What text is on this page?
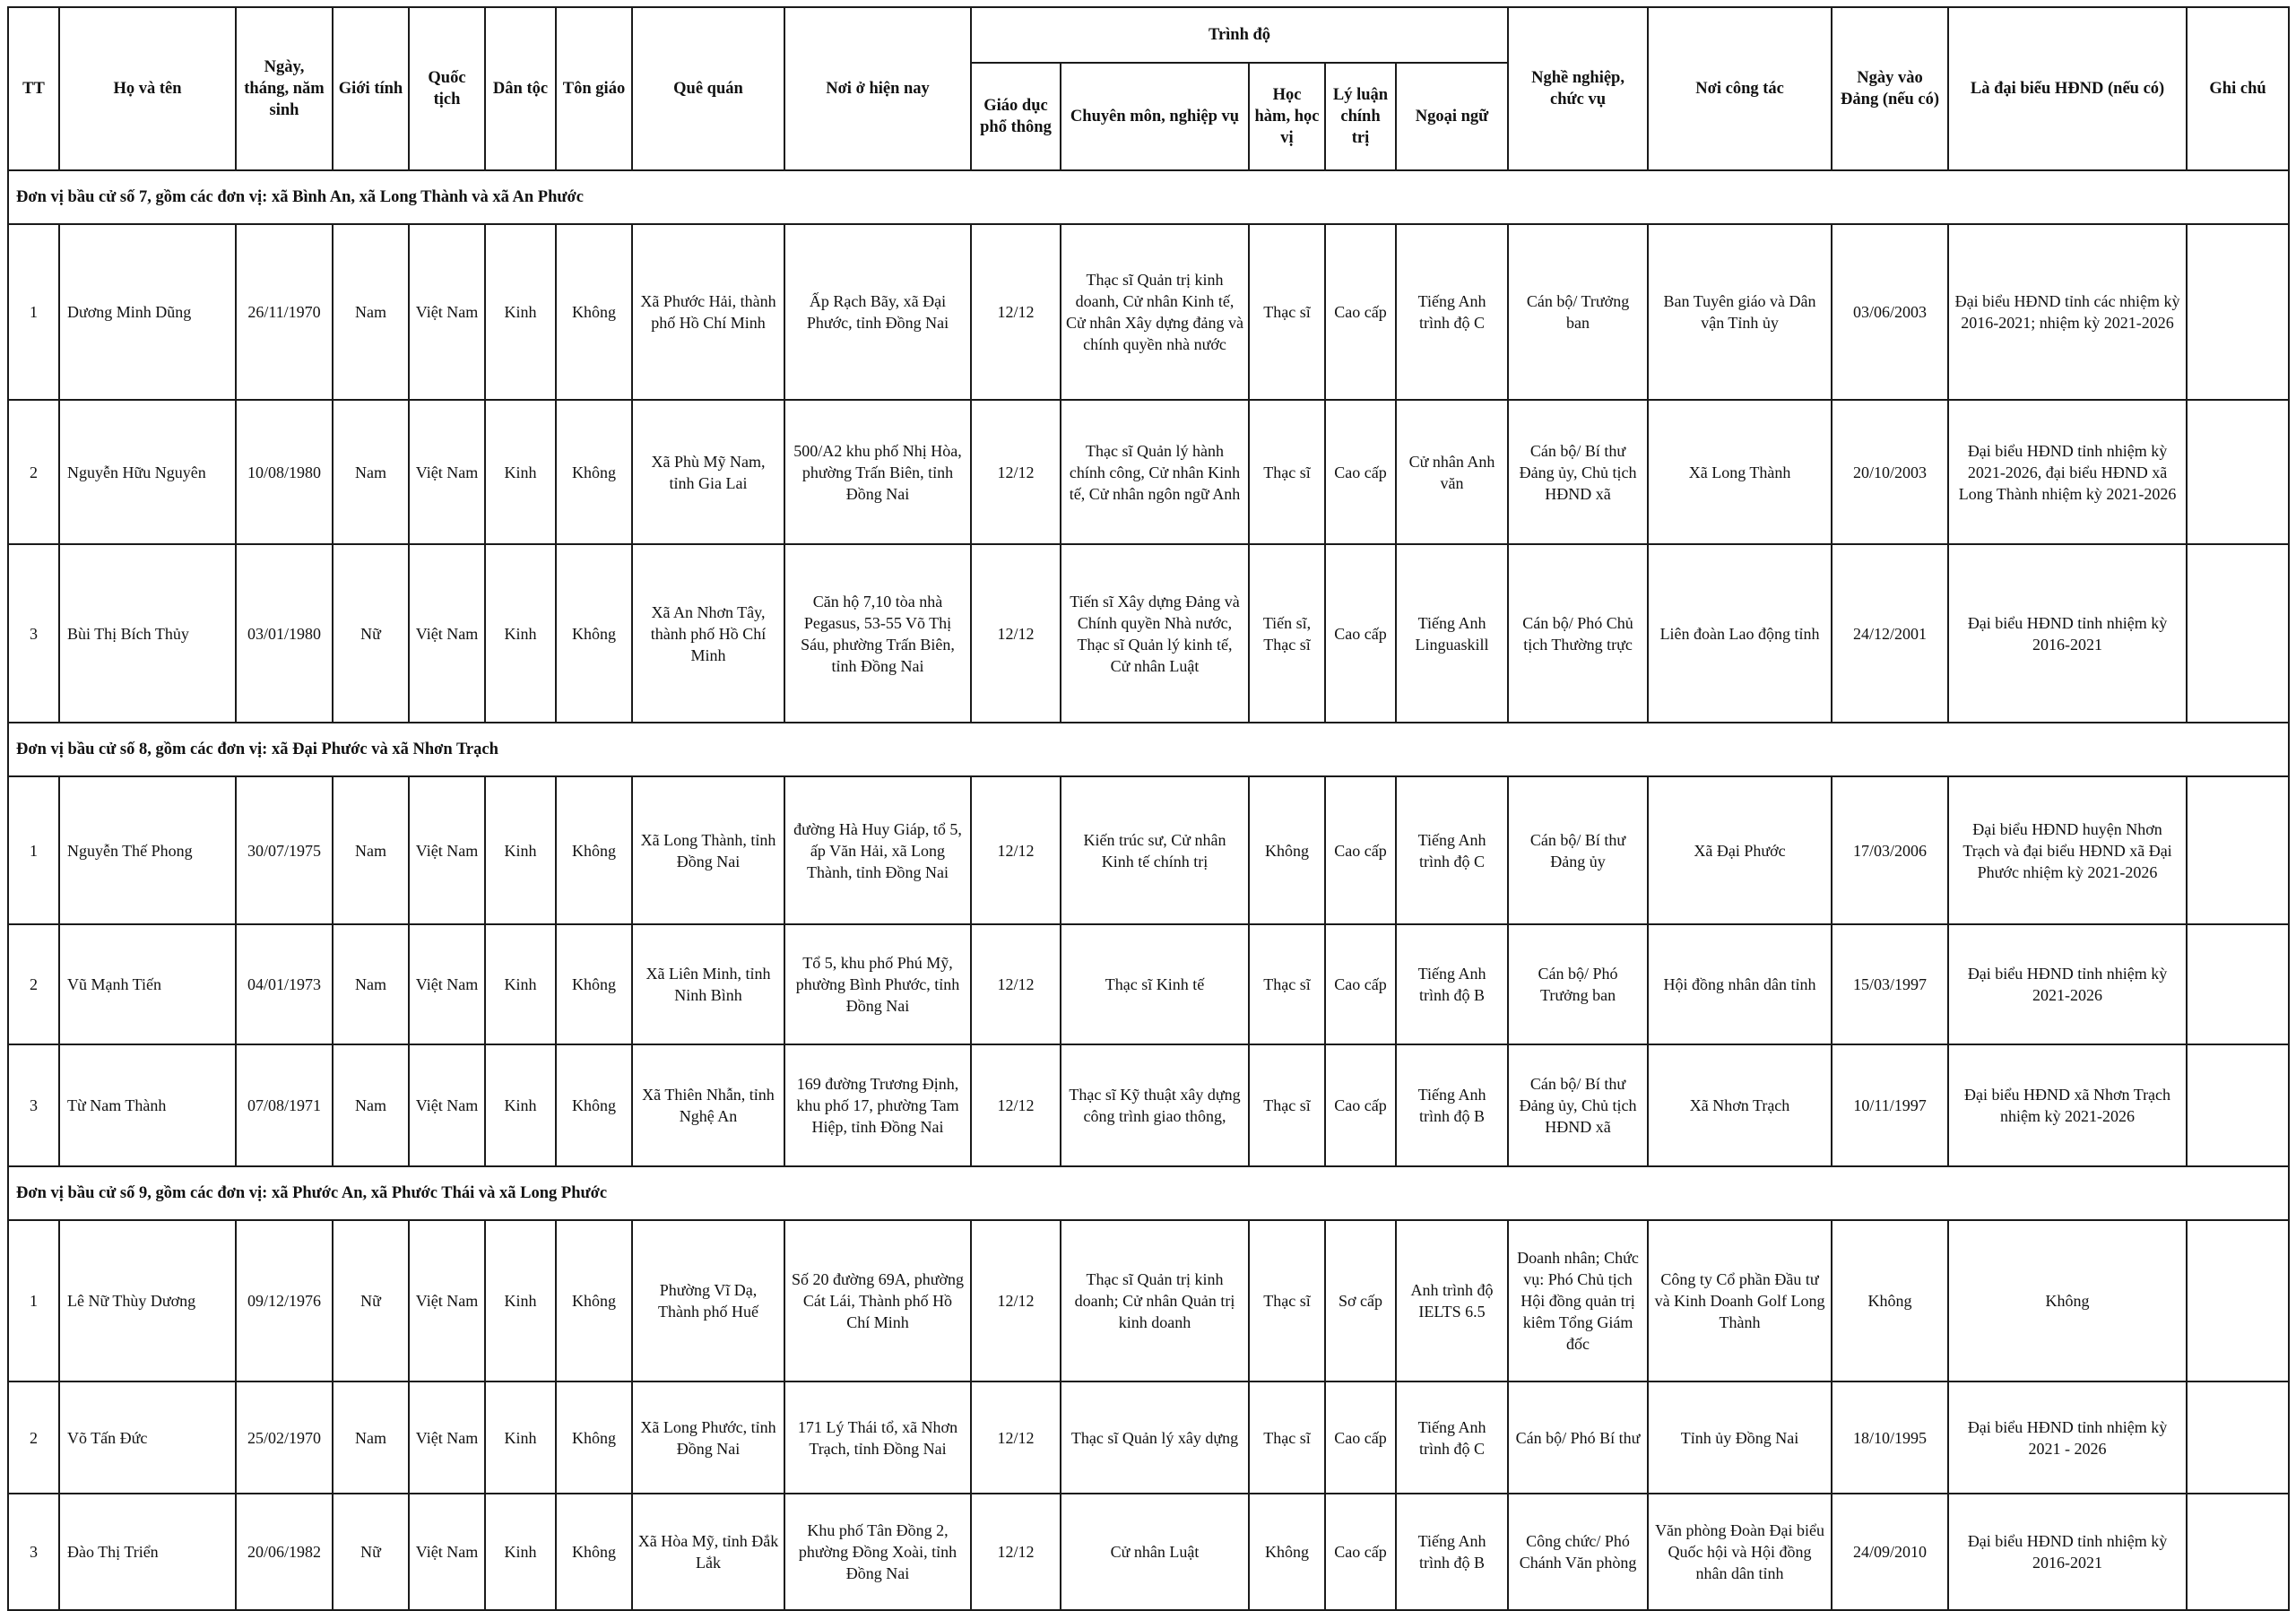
TT	Họ và tên	Ngày, tháng, năm sinh	Giới tính	Quốc tịch	Dân tộc	Tôn giáo	Quê quán	Nơi ở hiện nay	Trình độ					Nghề nghiệp, chức vụ	Nơi công tác	Ngày vào Đảng (nếu có)	Là đại biểu HĐND (nếu có)	Ghi chú
									Giáo dục phổ thông	Chuyên môn, nghiệp vụ	Học hàm, học vị	Lý luận chính trị	Ngoại ngữ					
Đơn vị bầu cử số 7, gồm các đơn vị: xã Bình An, xã Long Thành và xã An Phước																		
1	Dương Minh Dũng	26/11/1970	Nam	Việt Nam	Kinh	Không	Xã Phước Hải, thành phố Hồ Chí Minh	Ấp Rạch Bãy, xã Đại Phước, tỉnh Đồng Nai	12/12	Thạc sĩ Quản trị kinh doanh, Cử nhân Kinh tế, Cử nhân Xây dựng đảng và chính quyền nhà nước	Thạc sĩ	Cao cấp	Tiếng Anh trình độ C	Cán bộ/ Trưởng ban	Ban Tuyên giáo và Dân vận Tỉnh ủy	03/06/2003	Đại biểu HĐND tỉnh các nhiệm kỳ 2016-2021; nhiệm kỳ 2021-2026	
2	Nguyễn Hữu Nguyên	10/08/1980	Nam	Việt Nam	Kinh	Không	Xã Phù Mỹ Nam, tỉnh Gia Lai	500/A2 khu phố Nhị Hòa, phường Trấn Biên, tỉnh Đồng Nai	12/12	Thạc sĩ Quản lý hành chính công, Cử nhân Kinh tế, Cử nhân ngôn ngữ Anh	Thạc sĩ	Cao cấp	Cử nhân Anh văn	Cán bộ/ Bí thư Đảng ủy, Chủ tịch HĐND xã	Xã Long Thành	20/10/2003	Đại biểu HĐND tỉnh nhiệm kỳ 2021-2026, đại biểu HĐND xã Long Thành nhiệm kỳ 2021-2026	
3	Bùi Thị Bích Thủy	03/01/1980	Nữ	Việt Nam	Kinh	Không	Xã An Nhơn Tây, thành phố Hồ Chí Minh	Căn hộ 7,10 tòa nhà Pegasus, 53-55 Võ Thị Sáu, phường Trấn Biên, tỉnh Đồng Nai	12/12	Tiến sĩ Xây dựng Đảng và Chính quyền Nhà nước, Thạc sĩ Quản lý kinh tế, Cử nhân Luật	Tiến sĩ, Thạc sĩ	Cao cấp	Tiếng Anh Linguaskill	Cán bộ/ Phó Chủ tịch Thường trực	Liên đoàn Lao động tỉnh	24/12/2001	Đại biểu HĐND tỉnh nhiệm kỳ 2016-2021	
Đơn vị bầu cử số 8, gồm các đơn vị: xã Đại Phước và xã Nhơn Trạch																		
1	Nguyễn Thế Phong	30/07/1975	Nam	Việt Nam	Kinh	Không	Xã Long Thành, tỉnh Đồng Nai	đường Hà Huy Giáp, tổ 5, ấp Văn Hải, xã Long Thành, tỉnh Đồng Nai	12/12	Kiến trúc sư, Cử nhân Kinh tế chính trị	Không	Cao cấp	Tiếng Anh trình độ C	Cán bộ/ Bí thư Đảng ủy	Xã Đại Phước	17/03/2006	Đại biểu HĐND huyện Nhơn Trạch và đại biểu HĐND xã Đại Phước nhiệm kỳ 2021-2026	
2	Vũ Mạnh Tiến	04/01/1973	Nam	Việt Nam	Kinh	Không	Xã Liên Minh, tỉnh Ninh Bình	Tổ 5, khu phố Phú Mỹ, phường Bình Phước, tỉnh Đồng Nai	12/12	Thạc sĩ Kinh tế	Thạc sĩ	Cao cấp	Tiếng Anh trình độ B	Cán bộ/ Phó Trưởng ban	Hội đồng nhân dân tỉnh	15/03/1997	Đại biểu HĐND tỉnh nhiệm kỳ 2021-2026	
3	Từ Nam Thành	07/08/1971	Nam	Việt Nam	Kinh	Không	Xã Thiên Nhẫn, tỉnh Nghệ An	169 đường Trương Định, khu phố 17, phường Tam Hiệp, tỉnh Đồng Nai	12/12	Thạc sĩ Kỹ thuật xây dựng công trình giao thông,	Thạc sĩ	Cao cấp	Tiếng Anh trình độ B	Cán bộ/ Bí thư Đảng ủy, Chủ tịch HĐND xã	Xã Nhơn Trạch	10/11/1997	Đại biểu HĐND xã Nhơn Trạch nhiệm kỳ 2021-2026	
Đơn vị bầu cử số 9, gồm các đơn vị: xã Phước An, xã Phước Thái và xã Long Phước																		
1	Lê Nữ Thùy Dương	09/12/1976	Nữ	Việt Nam	Kinh	Không	Phường Vĩ Dạ, Thành phố Huế	Số 20 đường 69A, phường Cát Lái, Thành phố Hồ Chí Minh	12/12	Thạc sĩ Quản trị kinh doanh; Cử nhân Quản trị kinh doanh	Thạc sĩ	Sơ cấp	Anh trình độ IELTS 6.5	Doanh nhân; Chức vụ: Phó Chủ tịch Hội đồng quản trị kiêm Tổng Giám đốc	Công ty Cổ phần Đầu tư và Kinh Doanh Golf Long Thành	Không	Không	
2	Võ Tấn Đức	25/02/1970	Nam	Việt Nam	Kinh	Không	Xã Long Phước, tỉnh Đồng Nai	171 Lý Thái tổ, xã Nhơn Trạch, tỉnh Đồng Nai	12/12	Thạc sĩ Quản lý xây dựng	Thạc sĩ	Cao cấp	Tiếng Anh trình độ C	Cán bộ/ Phó Bí thư	Tỉnh ủy Đồng Nai	18/10/1995	Đại biểu HĐND tỉnh nhiệm kỳ 2021 - 2026	
3	Đào Thị Triển	20/06/1982	Nữ	Việt Nam	Kinh	Không	Xã Hòa Mỹ, tỉnh Đắk Lắk	Khu phố Tân Đồng 2, phường Đồng Xoài, tỉnh Đồng Nai	12/12	Cử nhân Luật	Không	Cao cấp	Tiếng Anh trình độ B	Công chức/ Phó Chánh Văn phòng	Văn phòng Đoàn Đại biểu Quốc hội và Hội đồng nhân dân tỉnh	24/09/2010	Đại biểu HĐND tỉnh nhiệm kỳ 2016-2021	
